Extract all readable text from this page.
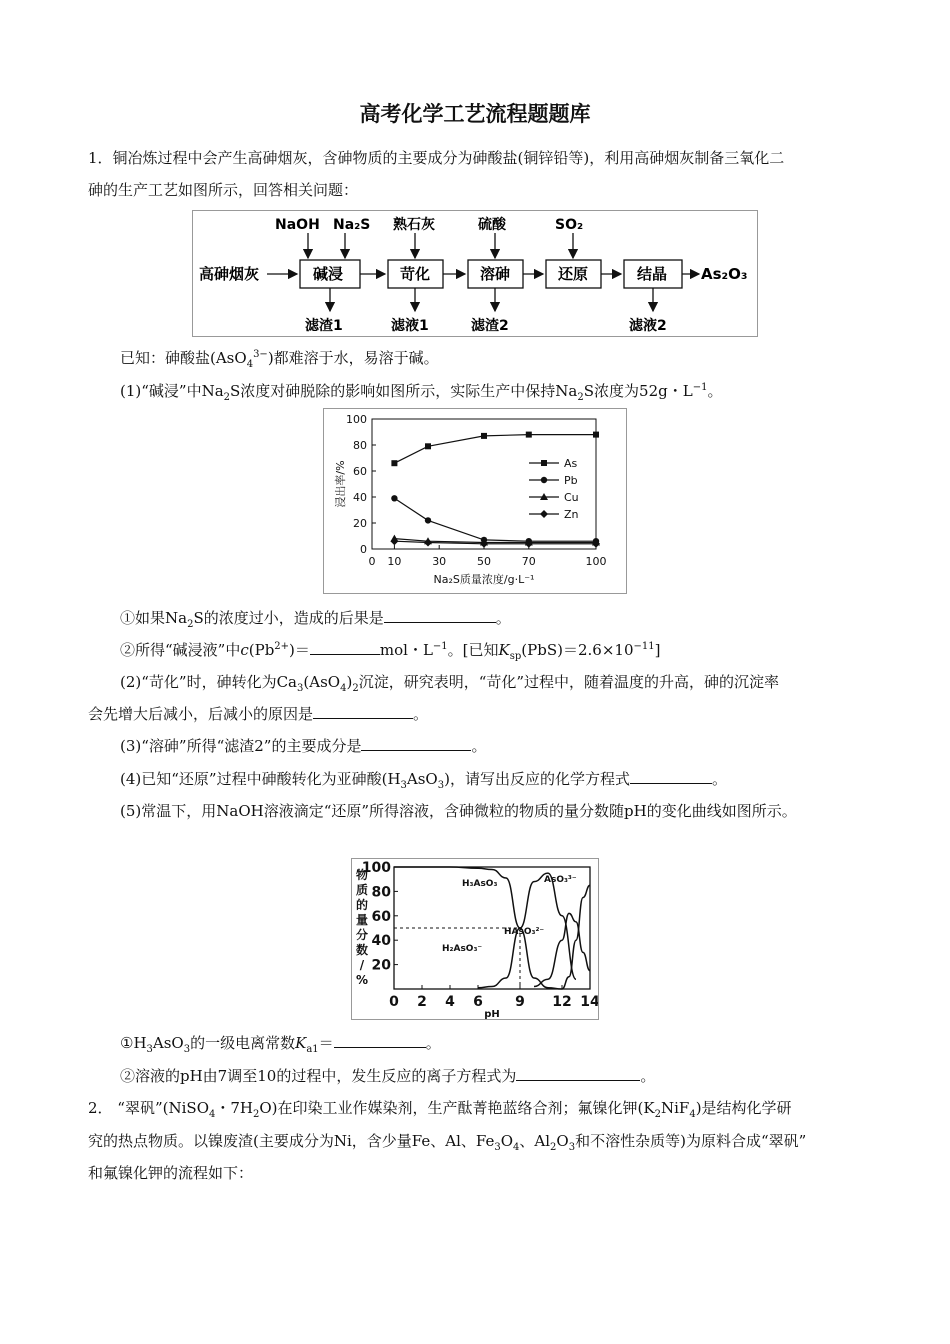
高考化学工艺流程题题库
1．铜冶炼过程中会产生高砷烟灰，含砷物质的主要成分为砷酸盐(铜锌铅等)，利用高砷烟灰制备三氧化二
砷的生产工艺如图所示，回答相关问题：
高砷烟灰	碱浸	苛化	溶砷	还原	结晶 As₂O₃
NaOH Na₂S 熟石灰	硫酸	SO₂
滤渣1	滤液1	滤渣2	滤液2
已知：砷酸盐(AsO$_4^{3-}$)都难溶于水，易溶于碱。
(1)“碱浸”中$Na_2S$浓度对砷脱除的影响如图所示，实际生产中保持$Na_2S$浓度为52g・$L^{-1}$。
20
40
60
80
100
0
0 10	30	50	70	100
Na₂S质量浓度/g·L⁻¹
浸出率/%	As
Pb
Cu
Zn
①如果$Na_2S$的浓度过小，造成的后果是	。
②所得“碱浸液”中$c(Pb^{2+})=$	mol・$L^{-1}$。[已知$K_{sp}(PbS)=2.6\times 10^{-11}$]
(2)“苛化”时，砷转化为$Ca_3(AsO_4)_2$沉淀，研究表明，“苛化”过程中，随着温度的升高，砷的沉淀率
会先增大后减小，后减小的原因是	。
(3)“溶砷”所得“滤渣2”的主要成分是	。
(4)已知“还原”过程中砷酸转化为亚砷酸$(H_3AsO_3)$，请写出反应的化学方程式	。
(5)常温下，用NaOH溶液滴定“还原”所得溶液，含砷微粒的物质的量分数随pH的变化曲线如图所示。
20
40
60
80
100
0 2 4 6 9 12 14
pH
物
质
的
量
分
数
/
%
H₃AsO₃
H₂AsO₃⁻
HAsO₃²⁻
AsO₃³⁻
$①H_3AsO_3$的一级电离常数$K_{a1}=$	。
②溶液的pH由7调至10的过程中，发生反应的离子方程式为	。
2． “翠矾”(NiSO$_4$・$7H_2O$)在印染工业作媒染剂，生产酞菁艳蓝络合剂；氟镍化钾$(K_2NiF_4)$是结构化学研
究的热点物质。以镍废渣(主要成分为Ni，含少量Fe、Al、$Fe_3O_4$、$Al_2O_3$和不溶性杂质等)为原料合成“翠矾”
和氟镍化钾的流程如下：
